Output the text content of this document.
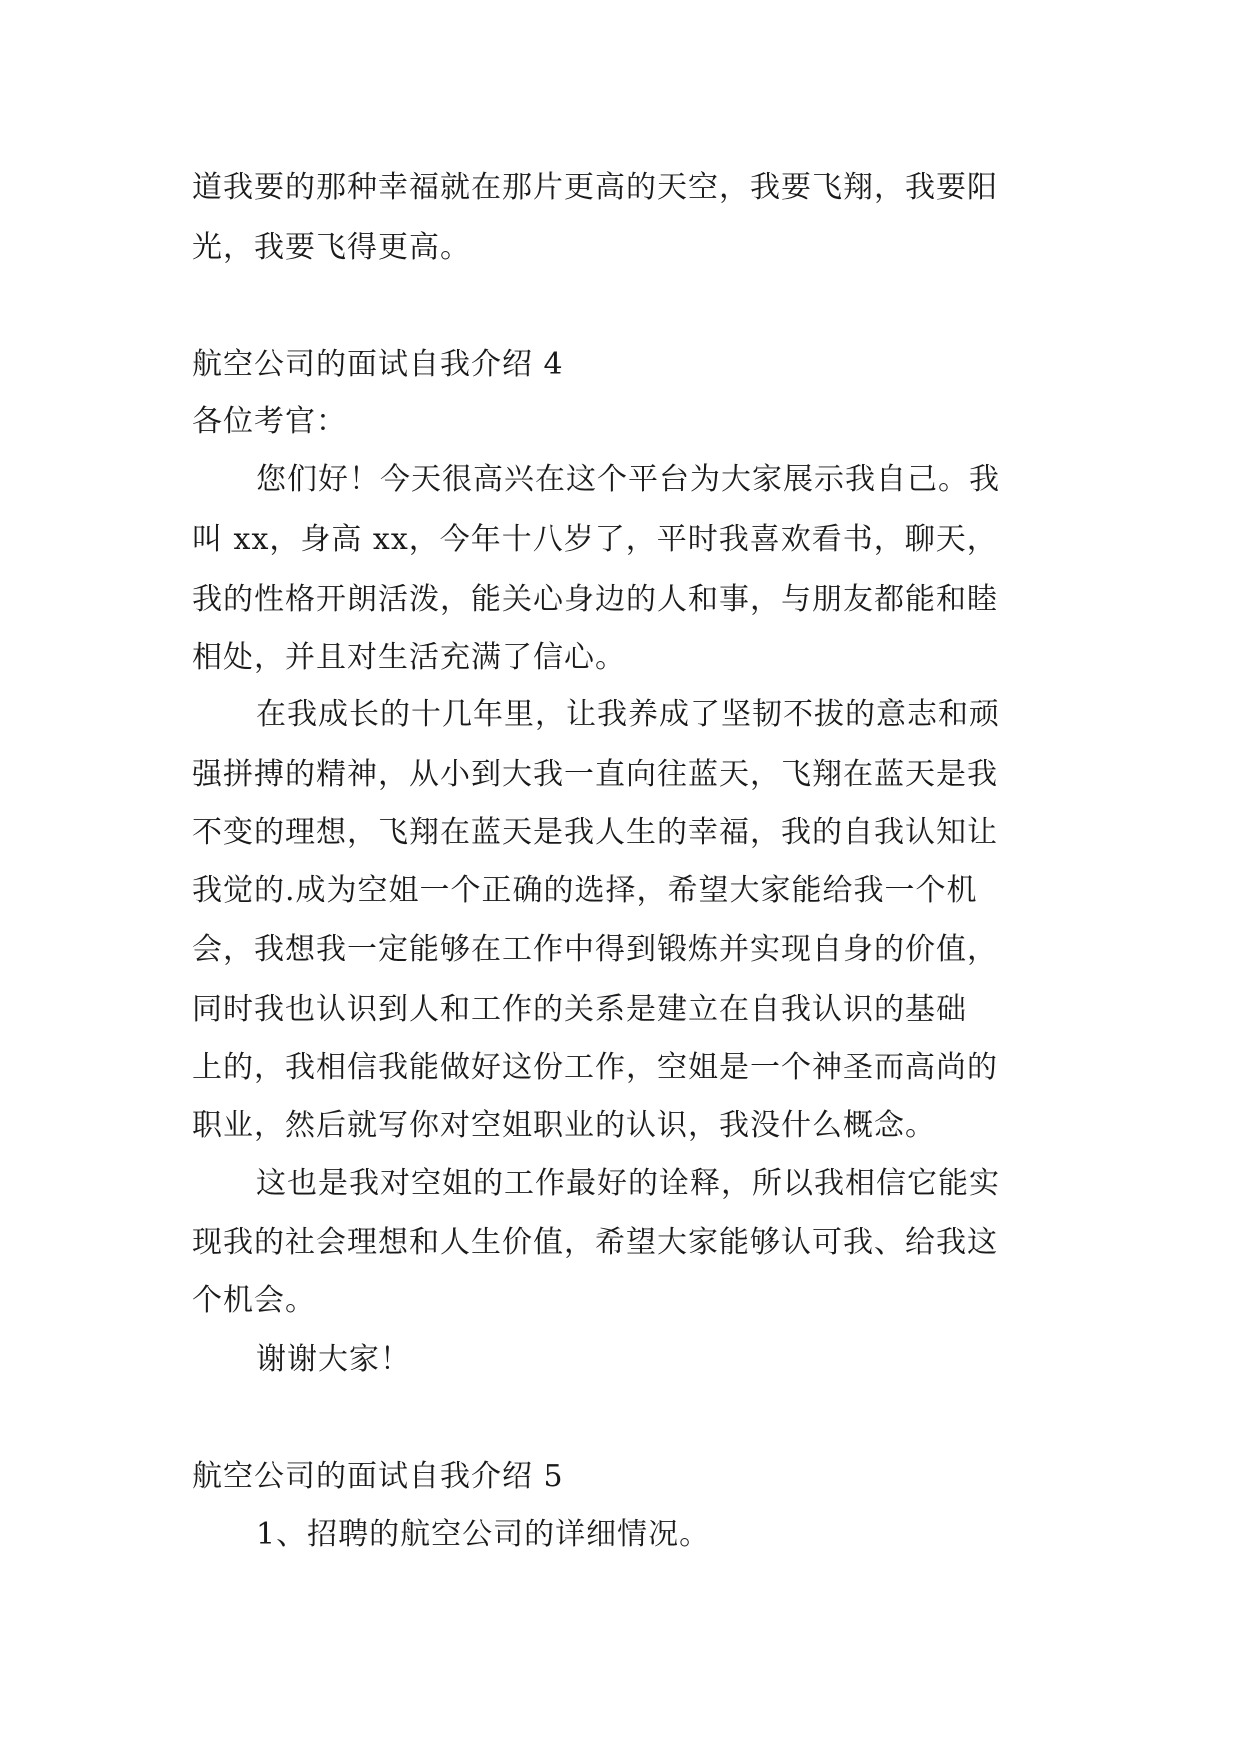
道我要的那种幸福就在那片更高的天空，我要飞翔，我要阳
光，我要飞得更高。
航空公司的面试自我介绍 4
各位考官：
您们好！今天很高兴在这个平台为大家展示我自己。我
叫 xx，身高 xx，今年十八岁了，平时我喜欢看书，聊天，
我的性格开朗活泼，能关心身边的人和事，与朋友都能和睦
相处，并且对生活充满了信心。
在我成长的十几年里，让我养成了坚韧不拔的意志和顽
强拼搏的精神，从小到大我一直向往蓝天，飞翔在蓝天是我
不变的理想，飞翔在蓝天是我人生的幸福，我的自我认知让
我觉的.成为空姐一个正确的选择，希望大家能给我一个机
会，我想我一定能够在工作中得到锻炼并实现自身的价值，
同时我也认识到人和工作的关系是建立在自我认识的基础
上的，我相信我能做好这份工作，空姐是一个神圣而高尚的
职业，然后就写你对空姐职业的认识，我没什么概念。
这也是我对空姐的工作最好的诠释，所以我相信它能实
现我的社会理想和人生价值，希望大家能够认可我、给我这
个机会。
谢谢大家！
航空公司的面试自我介绍 5
1、招聘的航空公司的详细情况。
